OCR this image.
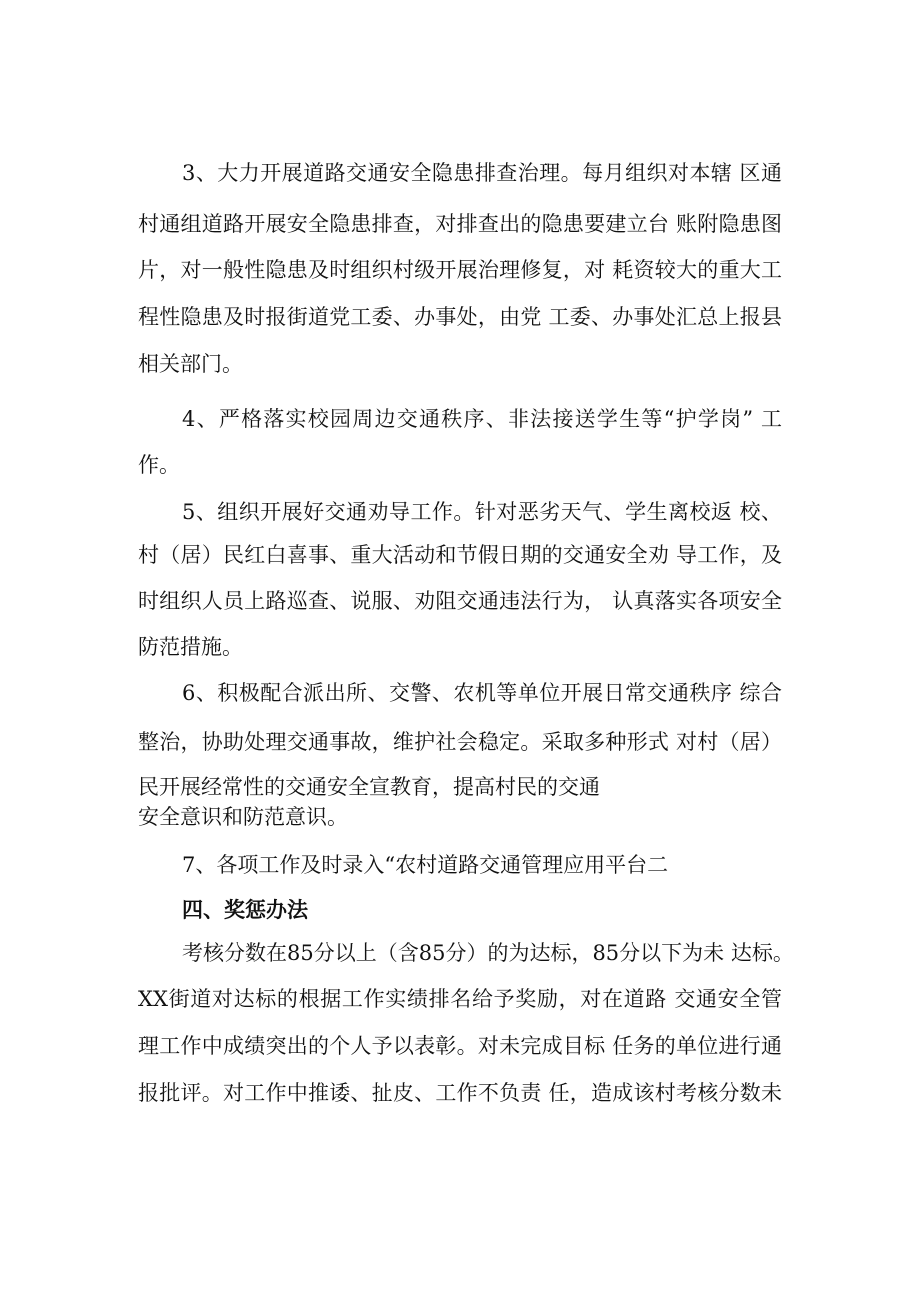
3、大力开展道路交通安全隐患排查治理。每月组织对本辖 区通

村通组道路开展安全隐患排查，对排查出的隐患要建立台 账附隐患图

片，对一般性隐患及时组织村级开展治理修复，对 耗资较大的重大工

程性隐患及时报街道党工委、办事处，由党 工委、办事处汇总上报县

相关部门。

4、严格落实校园周边交通秩序、非法接送学生等“护学岗” 工

作。

5、组织开展好交通劝导工作。针对恶劣天气、学生离校返 校、

村（居）民红白喜事、重大活动和节假日期的交通安全劝 导工作，及

时组织人员上路巡查、说服、劝阻交通违法行为， 认真落实各项安全

防范措施。

6、积极配合派出所、交警、农机等单位开展日常交通秩序 综合

整治，协助处理交通事故，维护社会稳定。采取多种形式 对村（居）

民开展经常性的交通安全宣教育，提高村民的交通

安全意识和防范意识。

7、各项工作及时录入“农村道路交通管理应用平台二

四、奖惩办法

考核分数在85分以上（含85分）的为达标，85分以下为未 达标。

XX街道对达标的根据工作实绩排名给予奖励，对在道路 交通安全管

理工作中成绩突出的个人予以表彰。对未完成目标 任务的单位进行通

报批评。对工作中推诿、扯皮、工作不负责 任，造成该村考核分数未
